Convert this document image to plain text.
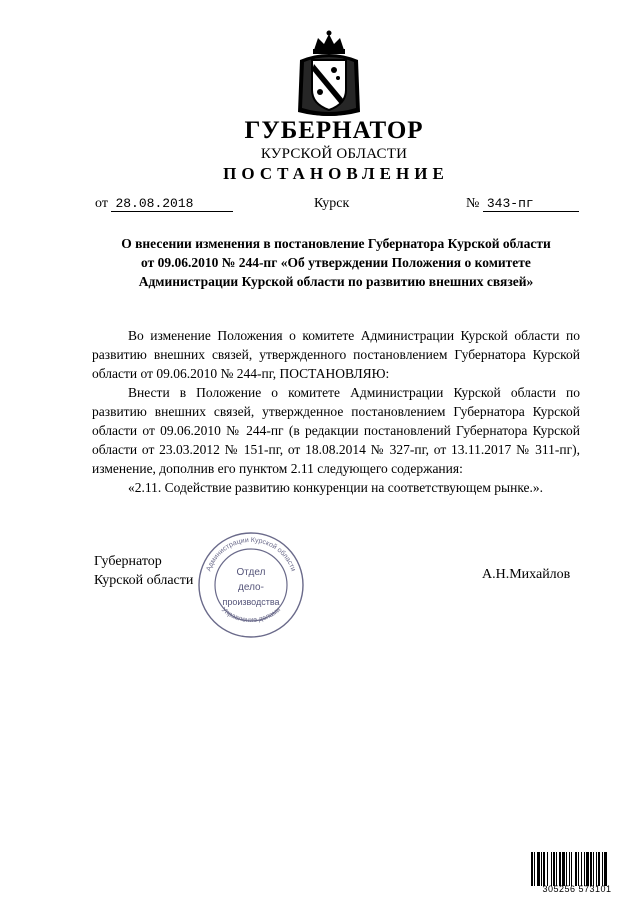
ГУБЕРНАТОР
КУРСКОЙ ОБЛАСТИ
ПОСТАНОВЛЕНИЕ
от 28.08.2018	Курск	№ 343-пг
О внесении изменения в постановление Губернатора Курской области
от 09.06.2010 № 244-пг «Об утверждении Положения о комитете
Администрации Курской области по развитию внешних связей»

Во изменение Положения о комитете Администрации Курской области по развитию внешних связей, утвержденного постановлением Губернатора Курской области от 09.06.2010 № 244-пг, ПОСТАНОВЛЯЮ:

Внести в Положение о комитете Администрации Курской области по развитию внешних связей, утвержденное постановлением Губернатора Курской области от 09.06.2010 № 244-пг (в редакции постановлений Губернатора Курской области от 23.03.2012 № 151-пг, от 18.08.2014 № 327-пг, от 13.11.2017 № 311-пг), изменение, дополнив его пунктом 2.11 следующего содержания:

«2.11. Содействие развитию конкуренции на соответствующем рынке.».

Губернатор
Курской области	А.Н.Михайлов
Администрации Курской области
Управление делами
Отдел
дело-
производства
305256 573101
